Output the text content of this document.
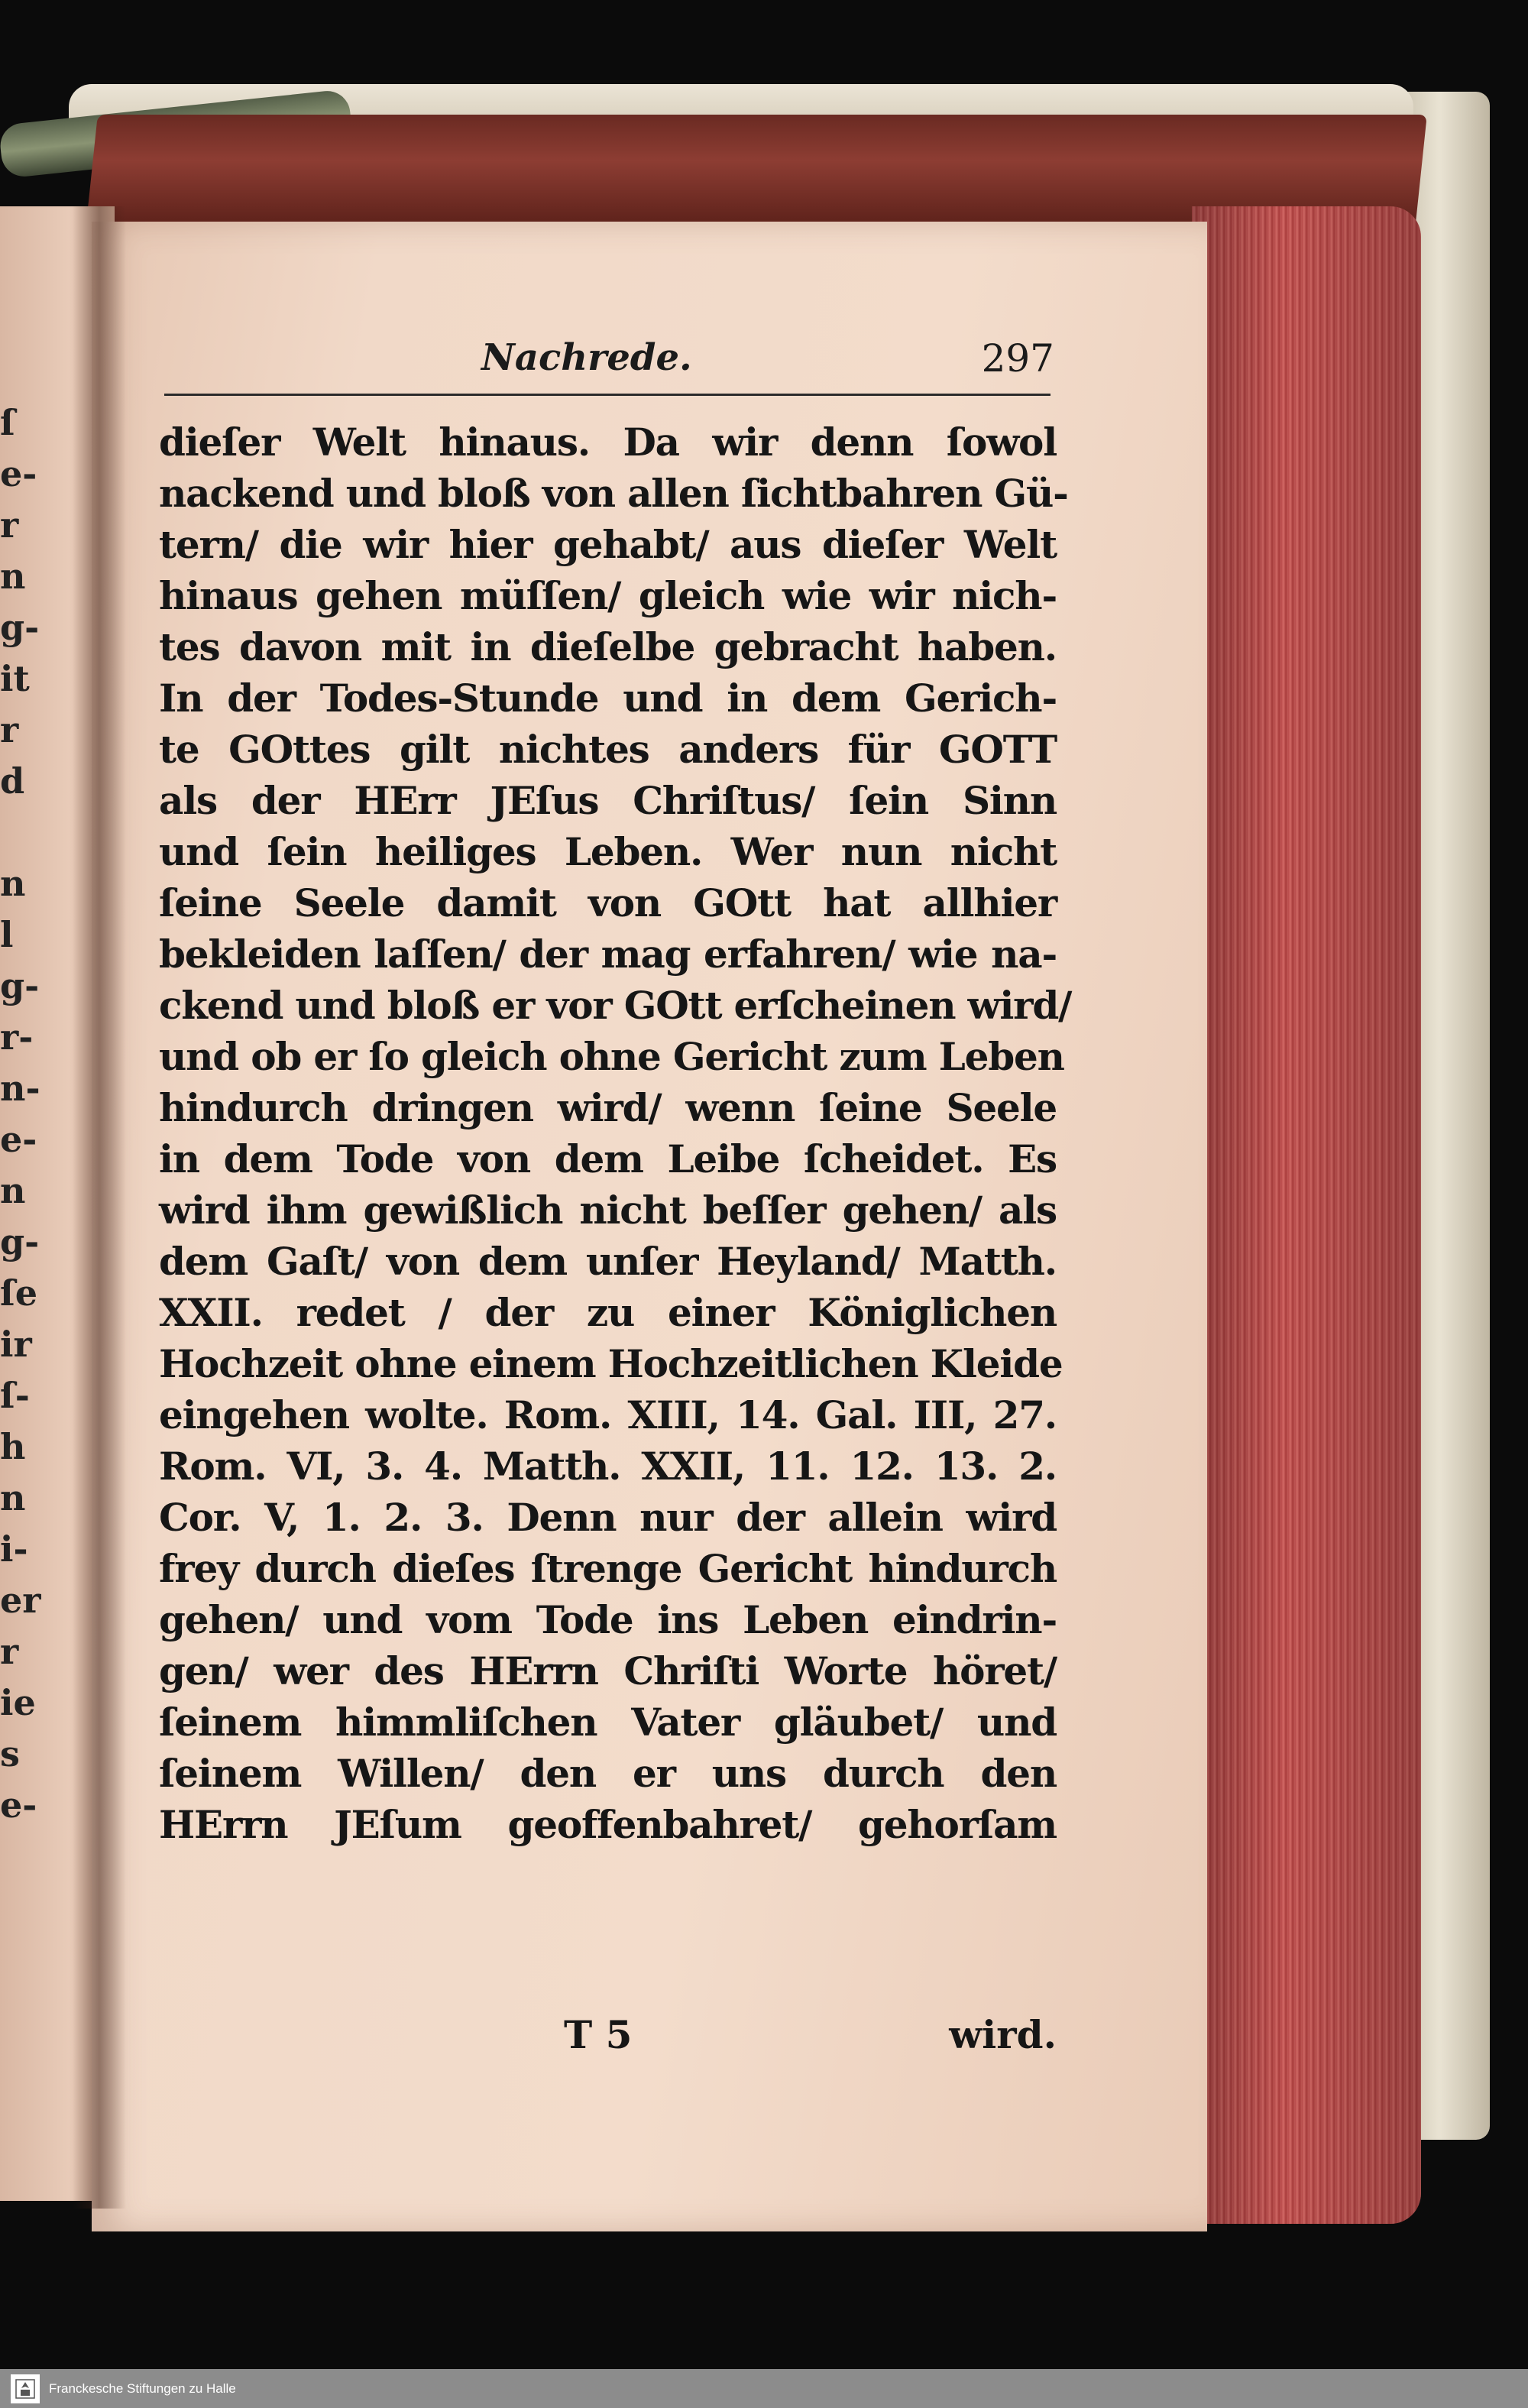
ſ
e-
r
n
g-
it
r
d
n
l
g-
r-
n-
e-
n
g-
ſe
ir
ſ-
h
n
i-
er
r
ie
s
e-
Nachrede.	297
dieſer Welt hinaus. Da wir denn ſowol
nackend und bloß von allen ſichtbahren Gü-
tern/ die wir hier gehabt/ aus dieſer Welt
hinaus gehen müſſen/ gleich wie wir nich-
tes davon mit in dieſelbe gebracht haben.
In der Todes-Stunde und in dem Gerich-
te GOttes gilt nichtes anders für GOTT
als der HErr JEſus Chriſtus/ ſein Sinn
und ſein heiliges Leben. Wer nun nicht
ſeine Seele damit von GOtt hat allhier
bekleiden laſſen/ der mag erfahren/ wie na-
ckend und bloß er vor GOtt erſcheinen wird/
und ob er ſo gleich ohne Gericht zum Leben
hindurch dringen wird/ wenn ſeine Seele
in dem Tode von dem Leibe ſcheidet. Es
wird ihm gewißlich nicht beſſer gehen/ als
dem Gaſt/ von dem unſer Heyland/ Matth.
XXII. redet / der zu einer Königlichen
Hochzeit ohne einem Hochzeitlichen Kleide
eingehen wolte. Rom. XIII, 14. Gal. III, 27.
Rom. VI, 3. 4. Matth. XXII, 11. 12. 13. 2.
Cor. V, 1. 2. 3. Denn nur der allein wird
frey durch dieſes ſtrenge Gericht hindurch
gehen/ und vom Tode ins Leben eindrin-
gen/ wer des HErrn Chriſti Worte höret/
ſeinem himmliſchen Vater gläubet/ und
ſeinem Willen/ den er uns durch den
HErrn JEſum geoffenbahret/ gehorſam
T 5	wird.
Franckesche Stiftungen zu Halle
